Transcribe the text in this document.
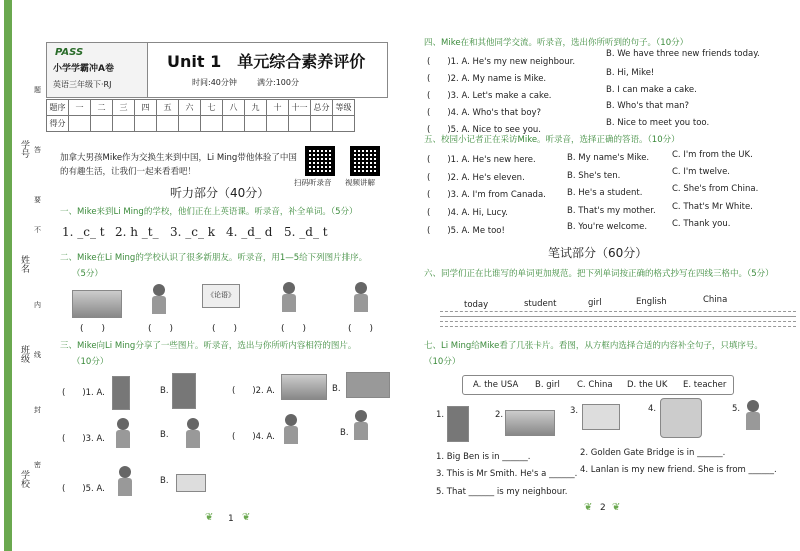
学号
姓名
班级
学校
题
答
要
不
内
线
封
密
PASS
小学学霸冲A卷
英语三年级下·RJ
Unit 1　单元综合素养评价
时间:40分钟	满分:100分
题序	一	二	三	四	五	六	七	八	九	十	十一	总分	等级
得分													
加拿大男孩Mike作为交换生来到中国，Li Ming带他体验了中国的有趣生活，让我们一起来看看吧！
扫码听录音 视频讲解
听力部分（40分）
一、Mike来到Li Ming的学校，他们正在上英语课。听录音，补全单词。（5分）
1. _c_ t 2. h _t_ 3. _c_ k 4. _d_ d 5. _d_ t
二、Mike在Li Ming的学校认识了很多新朋友。听录音，用1—5给下列图片排序。
（5分）
《论语》
(　　)	(　　)	(　　)	(　　)	(　　)
三、Mike向Li Ming分享了一些图片。听录音，选出与你所听内容相符的图片。
（10分）
(　　)1. A.	B.	(　　)2. A.	B.
(　　)3. A.	B.	(　　)4. A.	B.
(　　)5. A.
B.
❦ 1 ❦
四、Mike在和其他同学交流。听录音，选出你所听到的句子。（10分）
(　　)1. A. He's my new neighbour.
B. We have three new friends today.
(　　)2. A. My name is Mike.
B. Hi, Mike!
(　　)3. A. Let's make a cake.
B. I can make a cake.
(　　)4. A. Who's that boy?
B. Who's that man?
(　　)5. A. Nice to see you.
B. Nice to meet you too.
五、校园小记者正在采访Mike。听录音，选择正确的答语。（10分）
(　　)1. A. He's new here.	B. My name's Mike.	C. I'm from the UK.
(　　)2. A. He's eleven.	B. She's ten.	C. I'm twelve.
(　　)3. A. I'm from Canada. B. He's a student.	C. She's from China.
(　　)4. A. Hi, Lucy.	B. That's my mother. C. That's Mr White.
(　　)5. A. Me too!	B. You're welcome.	C. Thank you.
笔试部分（60分）
六、同学们正在比谁写的单词更加规范。把下列单词按正确的格式抄写在四线三格中。（5分）
today	student	girl	English	China
七、Li Ming给Mike看了几张卡片。看图，从方框内选择合适的内容补全句子，只填序号。（10分）
A. the USA B. girl C. China D. the UK E. teacher
1.	2.	3.	4.	5.
1. Big Ben is in ______.	2. Golden Gate Bridge is in ______.
3. This is Mr Smith. He's a ______. 4. Lanlan is my new friend. She is from ______.
5. That ______ is my neighbour.
❦ 2 ❦
